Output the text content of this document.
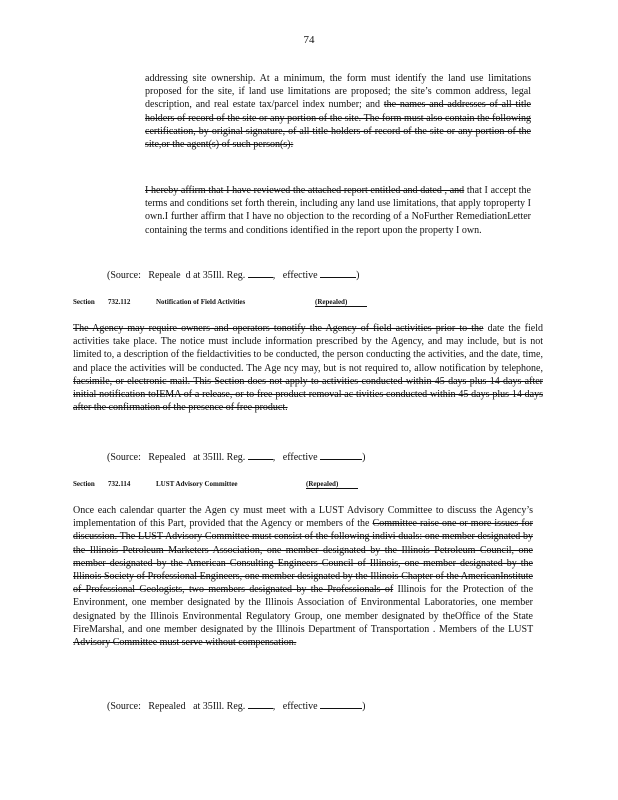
74
addressing site ownership. At a minimum, the form must identify the land use limitations proposed for the site, if land use limitations are proposed; the site’s common address, legal description, and real estate tax/parcel index number; and the names and addresses of all title holders of record of the site or any portion of the site. The form must also contain the following certification, by original signature, of all title holders of record of the site or any portion of the site,or the agent(s) of such person(s):
I hereby affirm that I have reviewed the attached report entitled and dated , and that I accept the terms and conditions set forth therein, including any land use limitations, that apply toproperty I own.I further affirm that I have no objection to the recording of a NoFurther RemediationLetter containing the terms and conditions identified in the report upon the property I own.
(Source:   Repeale  d at 35Ill. Reg.	,   effective	)
Section	732.112	Notification of Field Activities	(Repealed)
The Agency may require owners and operators tonotify the Agency of field activities prior to the date the field activities take place. The notice must include information prescribed by the Agency, and may include, but is not limited to, a description of the fieldactivities to be conducted, the person conducting the activities, and the date, time, and place the activities will be conducted. The Age ncy may, but is not required to, allow notification by telephone, facsimile, or electronic mail. This Section does not apply to activities conducted within 45 days plus 14 days after initial notification toIEMA of a release, or to free product removal ac tivities conducted within 45 days plus 14 days after the confirmation of the presence of free product.
(Source:   Repealed   at 35Ill. Reg.	,   effective	)
Section	732.114	LUST Advisory Committee	(Repealed)
Once each calendar quarter the Agen cy must meet with a LUST Advisory Committee to discuss the Agency’s implementation of this Part, provided that the Agency or members of the Committee raise one or more issues for discussion. The LUST Advisory Committee must consist of the following indivi duals: one member designated by the Illinois Petroleum Marketers Association, one member designated by the Illinois Petroleum Council, one member designated by the American Consulting Engineers Council of Illinois, one member designated by the Illinois Society of Professional Engineers, one member designated by the Illinois Chapter of the AmericanInstitute of Professional Geologists, two members designated by the Professionals of Illinois for the Protection of the Environment, one member designated by the Illinois Association of Environmental Laboratories, one member designated by the Illinois Environmental Regulatory Group, one member designated by theOffice of the State FireMarshal, and one member designated by the Illinois Department of Transportation . Members of the LUST Advisory Committee must serve without compensation.
(Source:   Repealed   at 35Ill. Reg.	,   effective	)
